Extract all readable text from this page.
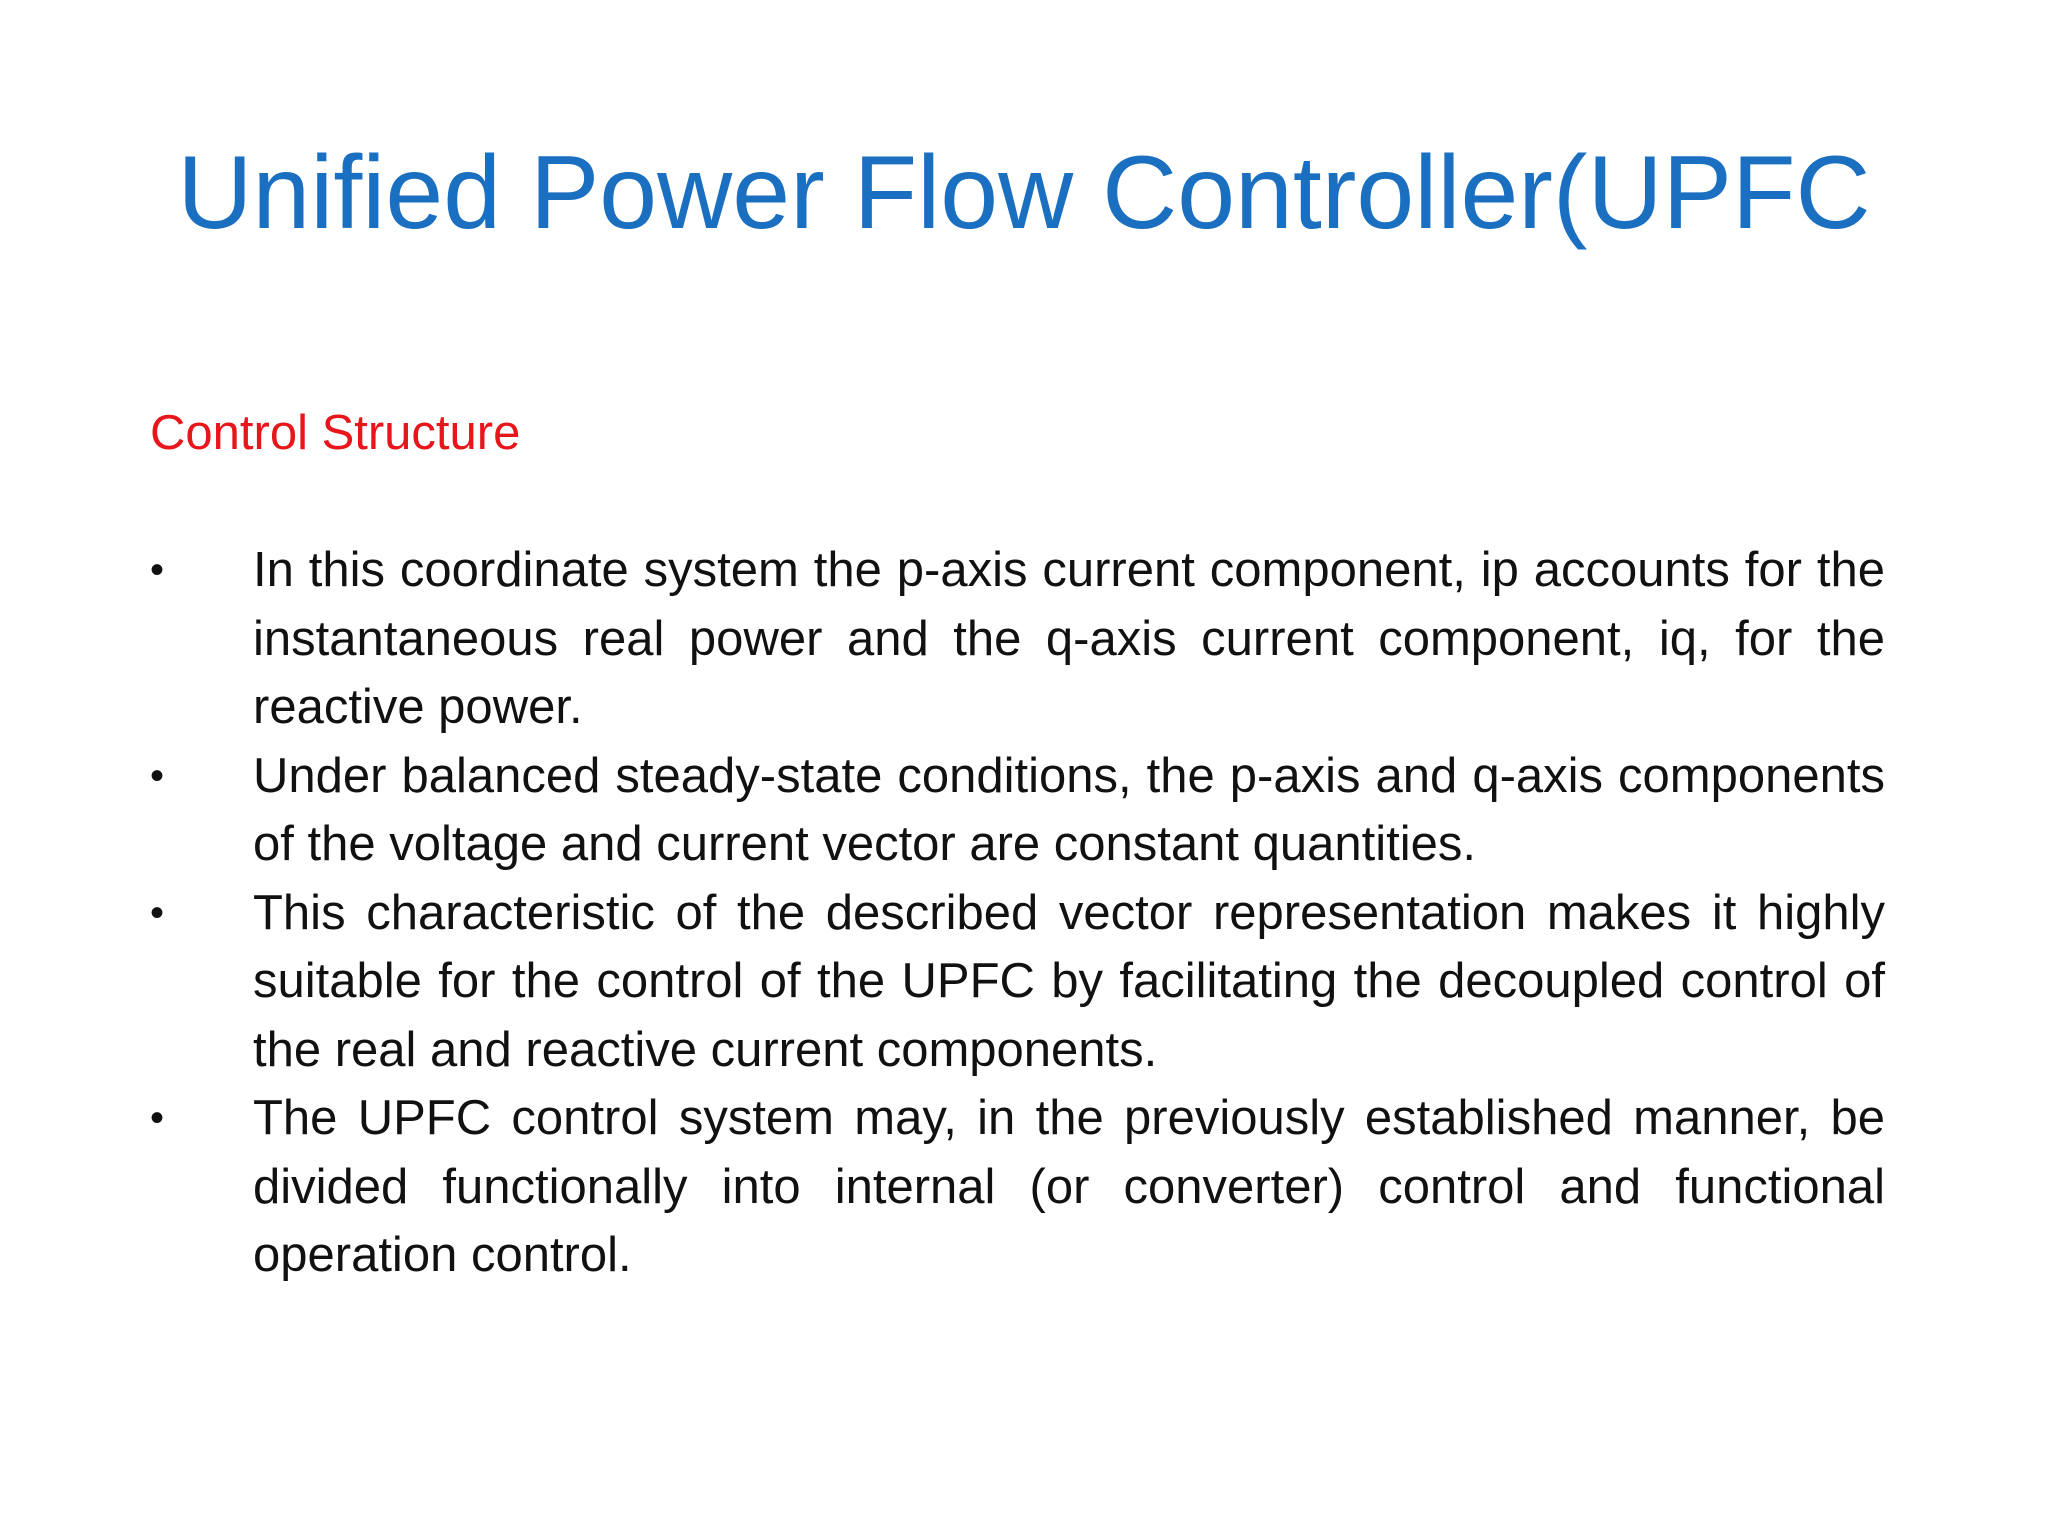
Unified Power Flow Controller(UPFC
Control Structure
•	In this coordinate system the p-axis current component, ip accounts for the instantaneous real power and the q-axis current component, iq, for the reactive power.
•	Under balanced steady-state conditions, the p-axis and q-axis components of the voltage and current vector are constant quantities.
•	This characteristic of the described vector representation makes it highly suitable for the control of the UPFC by facilitating the decoupled control of the real and reactive current components.
•	The UPFC control system may, in the previously established manner, be divided functionally into internal (or converter) control and functional operation control.
